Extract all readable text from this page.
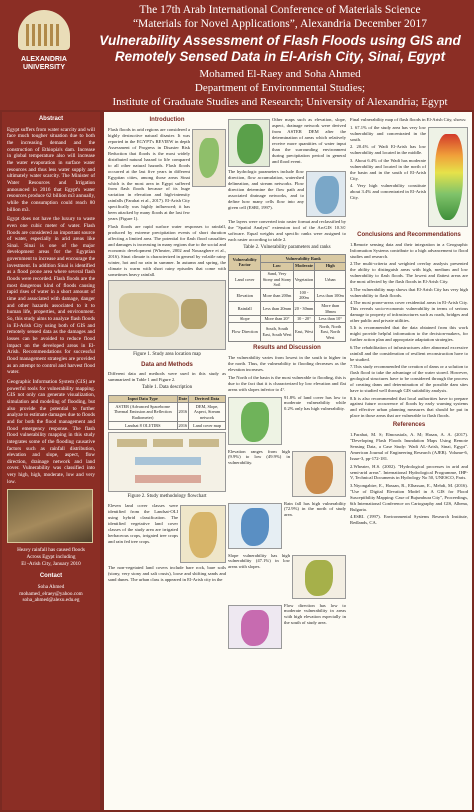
ALEXANDRIA
UNIVERSITY
The 17th Arab International Conference of Materials Science
“Materials for Novel Applications”, Alexandria December 2017
Vulnerability Assessment of Flash Floods using GIS and
Remotely Sensed Data in El-Arish City, Sinai, Egypt
Mohamed El-Raey and Soha Ahmed
Department of Environmental Studies;
Institute of Graduate Studies and Research; University of Alexandria; Egypt
Abstract

Egypt suffers from water scarcity and will face much tougher situation due to both the increasing demand and the construction of Ethiopia's dam. Increase in global temperature also will increase the water evaporation in surface water resources and thus less water supply and ultimately water scarcity. The Minister of Water Resources and Irrigation announced in 2016 that Egypt's water resources produce 62 billion m3 annually, while the consumption could reach 80 billion m3.

Egypt does not have the luxury to waste even one cubic meter of water. Flash floods are considered an important source of water, especially in arid areas like Sinai. Sinai is one of the major development areas for the Egyptian government to increase and encourage the investment. In addition Sinai is identified as a flood prone area where several flash floods were recorded. Flash floods are the most dangerous kind of floods causing rapid rises of water in a short amount of time and associated with damage, danger and other hazards associated to it to human life, properties, and environment. So, this study aims to analyze flash floods in El-Arish City using both of GIS and remotely sensed data as the damages and losses can be avoided to reduce flood impact on the developed areas in El-Arish. Recommendations for successful flood management strategies are provided as an attempt to control and harvest flood water.

Geographic Information System (GIS) are powerful tools for vulnerability mapping. GIS not only can generate visualization, simulation and modeling of flooding, but also provide the potential to further analyze to estimate damages due to floods and for both the flood management and flood emergency response. The flash flood vulnerability mapping in this study integrates some of the flooding causative factors such as rainfall distribution, elevation and slope, aspect, flow direction, drainage network and land cover. Vulnerability was classified into very high, high, moderate, low and very low.

Heavy rainfall has caused floods
Across Egypt including
El -Arish City, January 2010
Contact
Soha Ahmed
mohamed_elraey@yahoo.com
soha_ahmed@alexu.edu.eg
Introduction

Flash floods in arid regions are considered a highly destructive natural disaster. It was reported in the EGYPT's REVIEW in depth Assessment of Progress in Disaster Risk Reduction that floods is the most widely distributed natural hazard to life compared to all other natural hazards. Flash floods occurred at the last five years in different Egyptian cities, among those areas Sinai which is the most area in Egypt suffered from flash floods because of its huge variation in elevation and high-intensity rainfalls (Farahat et al., 2017). El-Arish City specifically was highly influenced; it has been attacked by many floods at the last few years (Figure 1).

Flash floods are rapid surface water responses to rainfall, produced by extreme precipitation events of short duration affecting a limited area. The potential for flash flood causalties and damages is increasing in many regions due to the social and economic development (Wheater, 2002 and Nouzaghere et al., 2016). Sinai climate is characterized in general by volatile rainy winter, hot and no rain in summer. In autumn and spring, the climate is warm with short rainy episodes that come with sometimes heavy rainfall.

Figure 1. Study area location map
Data and Methods

Different data and methods were used in this study as summarized in Table 1 and Figure 2.

Table 1. Data description
Input Data Type	Date	Derived Data
ASTER (Advanced Spaceborne Thermal Emission and Reflection Radiometer)	2016	DEM, Slope, Aspect, Stream network
Landsat 8 OLI/TIRS	2016	Land cover map
Figure 2. Study methodology flowchart

Eleven land cover classes were identified from the Landsat-OLI using hybrid classification. The identified vegetative land cover classes of the study area are irrigated herbaceous crops, irrigated tree crops and rain fed tree crops.

The non-vegetated land covers include bare rock, bare soils (stony, very stony and salt crusts), loose and shifting sands and sand dunes. The urban class is appeared in El-Arish city in the

Other maps such as elevation, slope, aspect, drainage network were derived from ASTER DEM after the determination of areas which relatively receive more quantities of water input than the surrounding environment during precipitation period in general and flood event.

The hydrologic parameters include flow direction, flow accumulation, watershed delineation, and stream networks. Flow direction determine the flow path and associated drainage networks, and to define how many cells flow into any given cell (ESRI, 1997).

The layers were converted into raster format and reclassified by the "Spatial Analyst" extension tool of the ArcGIS 10.3© software. Equal weights and specific ranks were assigned to each raster according to table 2.

Table 2. Vulnerability parameters and ranks
Vulnerability Factor	Vulnerability Rank		
	Low	Moderate	High
Land cover	Sand, Very Stony and Stony Soil	Vegetation	Urban
Elevation	More than 200m	100 - 200m	Less than 100m
Rainfall	Less than 20mm	20 - 30mm	More than 30mm
Slope	More than 20°	10 - 20°	Less than 10°
Flow Direction	South, South East, South West	East, West	North, North East, North West
Results and Discussion

The vulnerability varies from lowest in the south to higher in the north. Thus, the vulnerability to flooding decreases as the elevation increases.

The North of the basin is the most vulnerable to flooding, this is due to the fact that it is characterized by low elevation and flat areas with slopes inferior to 4°.

91.8% of land cover has low to moderate vulnerability while 0.2% only has high vulnerability.

Elevation ranges from high (9.9%) to low (49.9%) in vulnerability.

Rain fall has high vulnerability (72.9%) in the north of study area.

Slope vulnerability has high vulnerability (47.1%) in low areas with slopes.

Flow direction has low to moderate vulnerability in areas with high elevation especially in the south of study area.

Final vulnerability map of flash floods in El-Arish City, shows:

1. 67.1% of the study area has very low vulnerability and concentrated in the south.
2. 20.4% of Wadi El-Arish has low vulnerability and located in the middle.
3. About 6.4% of the Wadi has moderate vulnerability and located in the north of the basin and in the south of El-Arish City.
4. Very high vulnerability constitute about 3.4% and concentrated in El-Arish City.
Conclusions and Recommendations
1.Remote sensing data and their integration in a Geographic Information Systems contribute to a high advancement to flood studies and research.
2.The multi-criteria and weighted overlay analysis presented the ability to distinguish areas with high, medium and low vulnerability to flash floods. The lowest and flattest areas are the most affected by the flash floods in El-Arish City.
3.The vulnerability map shows that El-Arish City has very high vulnerability to flash floods.
4.The most prone-areas cover residential areas in El-Arish City. This reveals socio-economic vulnerability in terms of serious damage to property of infrastructures such as roads, bridges and other public and private utilities.
5.It is recommended that the data obtained from this work might provide helpful information to the decision-makers, for further action plan and appropriate adaptation strategies.
6.The rehabilitation of infrastructures after abnormal excessive rainfall and the consideration of resilient reconstruction have to be studied.
7.This study recommended the creation of dams or a solution to flash flood to take the advantage of the water stored. However, geological structures have to be considered through the process of creating dams and determination of the possible dam sites have to studied well through GIS suitability analysis.
8.It is also recommended that local authorities have to prepare against future occurrence of floods by early warning systems and effective urban planning measures that should be put in place in those areas that are vulnerable to flash floods.
References
1.Farahat, M. S; Elmoustafa, A. M; Hasan, A. A. (2017). "Developing Flash Floods Inundation Maps Using Remote Sensing Data, a Case Study: Wadi AL-Arish, Sinai, Egypt". American Journal of Engineering Research (AJER). Volume-6, Issue-3, pp-172-181.
2.Wheater, H.S. (2002). "Hydrological processes in arid and semi-arid areas". International Hydrological Programme, IHP-V, Technical Documents in Hydrology No 50, UNESCO, Paris.
3.Niyongabire, E., Hassan, R., Elhassan, E., Mehdi, M. (2016). "Use of Digital Elevation Model in A GIS for Flood Susceptibility Mapping: Case of Bujumbura City", Proceedings, 6th International Conference on Cartography and GIS, Albena, Bulgaria.
4.ESRI. (1997). Environmental Systems Research Institute, Redlands, CA.
